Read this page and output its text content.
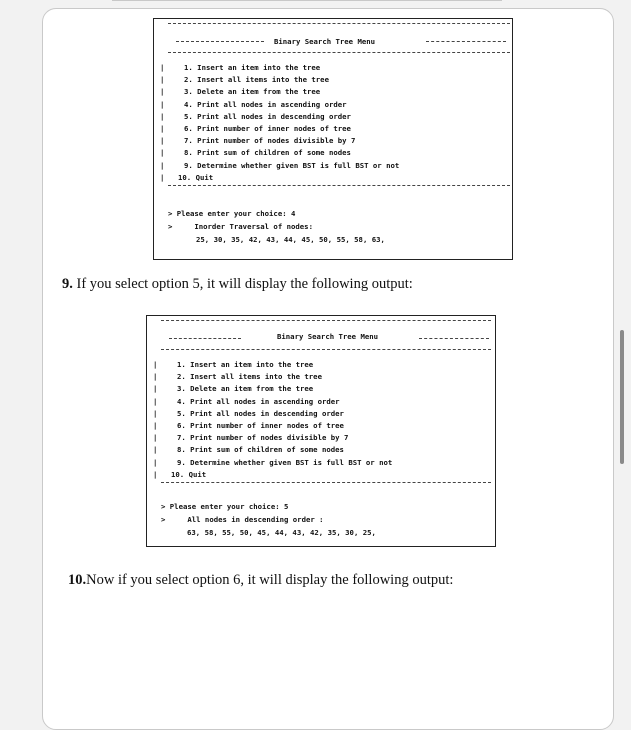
Binary Search Tree Menu

|	1. Insert an item into the tree
|	2. Insert all items into the tree
|	3. Delete an item from the tree
|	4. Print all nodes in ascending order
|	5. Print all nodes in descending order
|	6. Print number of inner nodes of tree
|	7. Print number of nodes divisible by 7
|	8. Print sum of children of some nodes
|	9. Determine whether given BST is full BST or not
| 10. Quit

> Please enter your choice: 4

>     Inorder Traversal of nodes:

25, 30, 35, 42, 43, 44, 45, 50, 55, 58, 63,

9. If you select option 5, it will display the following output:

Binary Search Tree Menu

|	1. Insert an item into the tree
|	2. Insert all items into the tree
|	3. Delete an item from the tree
|	4. Print all nodes in ascending order
|	5. Print all nodes in descending order
|	6. Print number of inner nodes of tree
|	7. Print number of nodes divisible by 7
|	8. Print sum of children of some nodes
|	9. Determine whether given BST is full BST or not
| 10. Quit

> Please enter your choice: 5

>     All nodes in descending order :

63, 58, 55, 50, 45, 44, 43, 42, 35, 30, 25,

10.Now if you select option 6, it will display the following output:
